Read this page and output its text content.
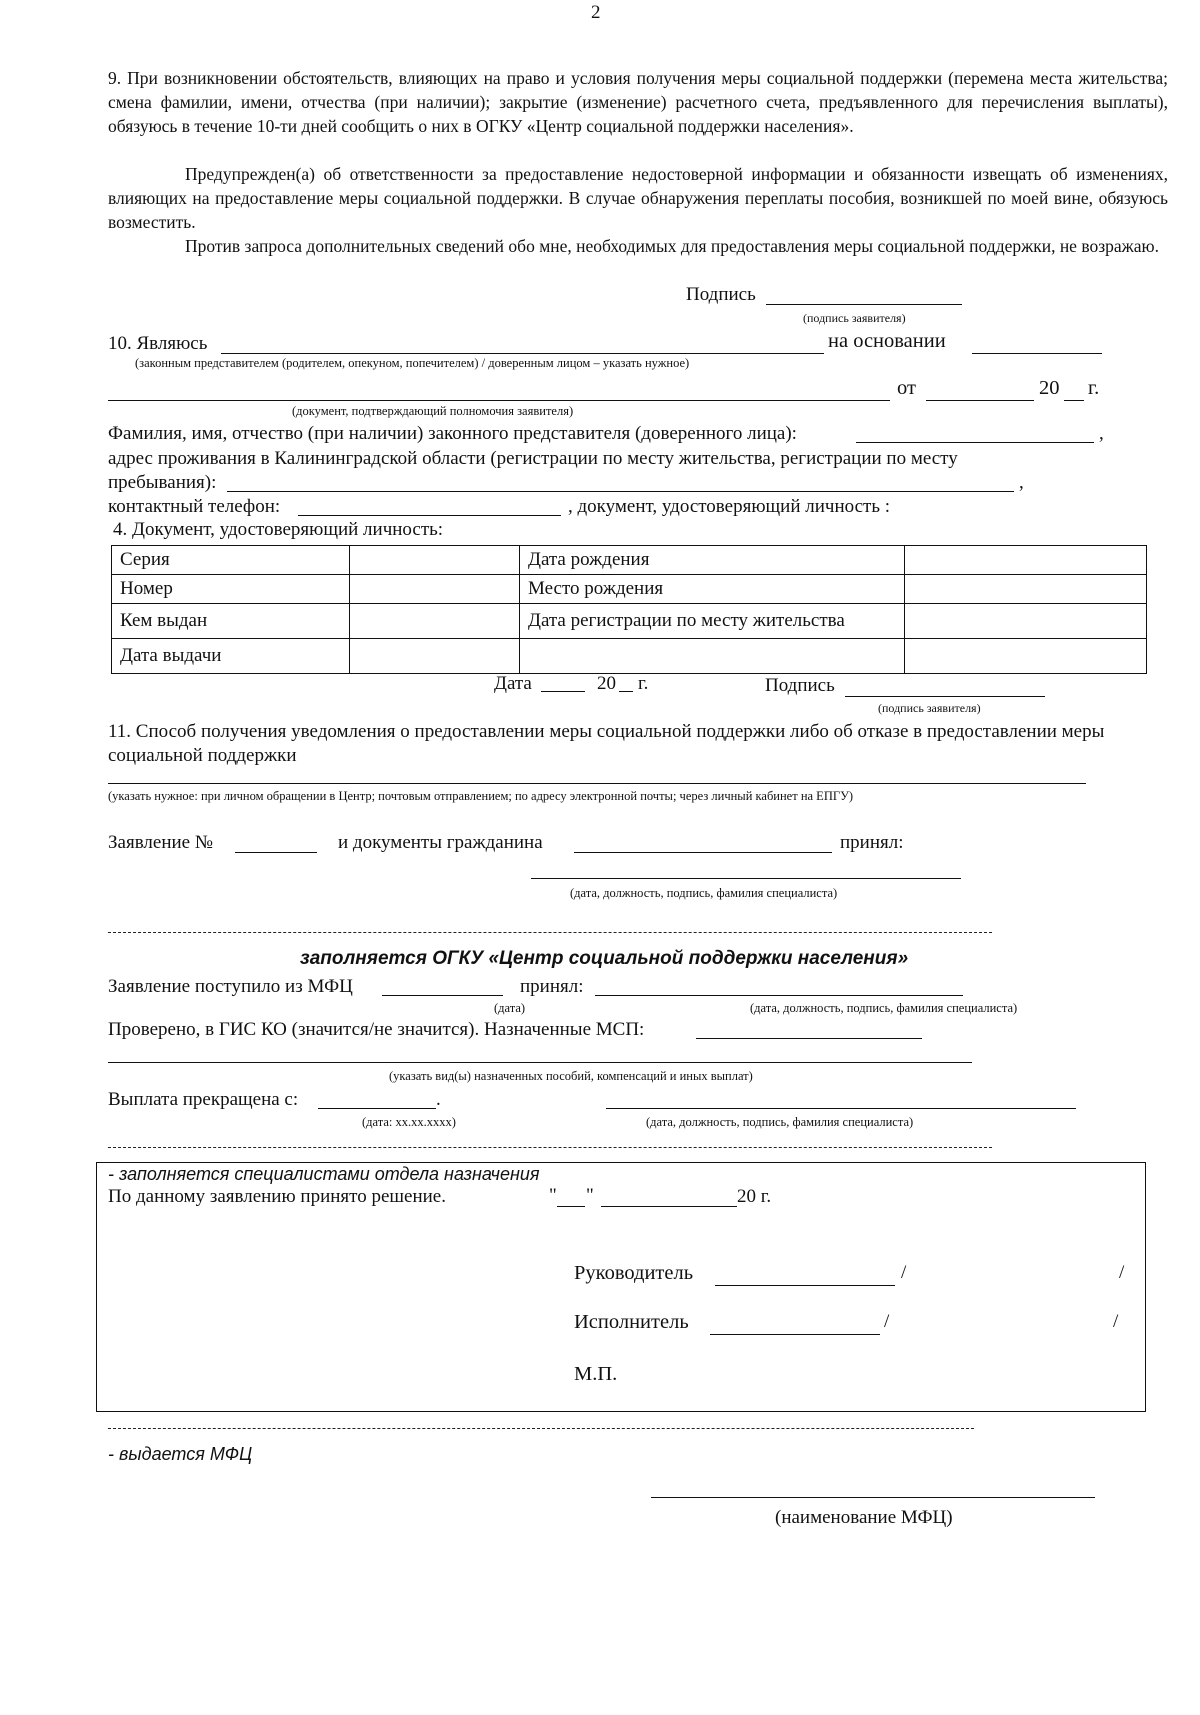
2
9. При возникновении обстоятельств, влияющих на право и условия получения меры социальной поддержки (перемена места жительства; смена фамилии, имени, отчества (при наличии); закрытие (изменение) расчетного счета, предъявленного для перечисления выплаты), обязуюсь в течение 10-ти дней сообщить о них в ОГКУ «Центр социальной поддержки населения».
Предупрежден(а) об ответственности за предоставление недостоверной информации и обязанности извещать об изменениях, влияющих на предоставление меры социальной поддержки. В случае обнаружения переплаты пособия, возникшей по моей вине, обязуюсь возместить.
Против запроса дополнительных сведений обо мне, необходимых для предоставления меры социальной поддержки, не возражаю.
Подпись
(подпись заявителя)
10. Являюсь	на основании
(законным представителем (родителем, опекуном, попечителем) / доверенным лицом – указать нужное)
от	20 г.
(документ, подтверждающий полномочия заявителя)
Фамилия, имя, отчество (при наличии) законного представителя (доверенного лица):	,
адрес проживания в Калининградской области (регистрации по месту жительства, регистрации по месту
пребывания):	,
контактный телефон:	, документ, удостоверяющий личность :
4. Документ, удостоверяющий личность:
Серия		Дата рождения	
Номер		Место рождения	
Кем выдан		Дата регистрации по месту жительства	
Дата выдачи			
Дата	20 г.	Подпись
(подпись заявителя)
11. Способ получения уведомления о предоставлении меры социальной поддержки либо об отказе в предоставлении меры социальной поддержки
(указать нужное: при личном обращении в Центр; почтовым отправлением; по адресу электронной почты; через личный кабинет на ЕПГУ)
Заявление №	и документы гражданина	принял:
(дата, должность, подпись, фамилия специалиста)
заполняется ОГКУ «Центр социальной поддержки населения»
Заявление поступило из МФЦ	принял:
(дата)	(дата, должность, подпись, фамилия специалиста)
Проверено, в ГИС КО (значится/не значится). Назначенные МСП:
(указать вид(ы) назначенных пособий, компенсаций и иных выплат)
Выплата прекращена с:	.
(дата: хх.хх.хххх)	(дата, должность, подпись, фамилия специалиста)
- заполняется специалистами отдела назначения
По данному заявлению принято решение.	" "	20 г.
Руководитель	/	/
Исполнитель	/	/
М.П.
- выдается МФЦ
(наименование МФЦ)
